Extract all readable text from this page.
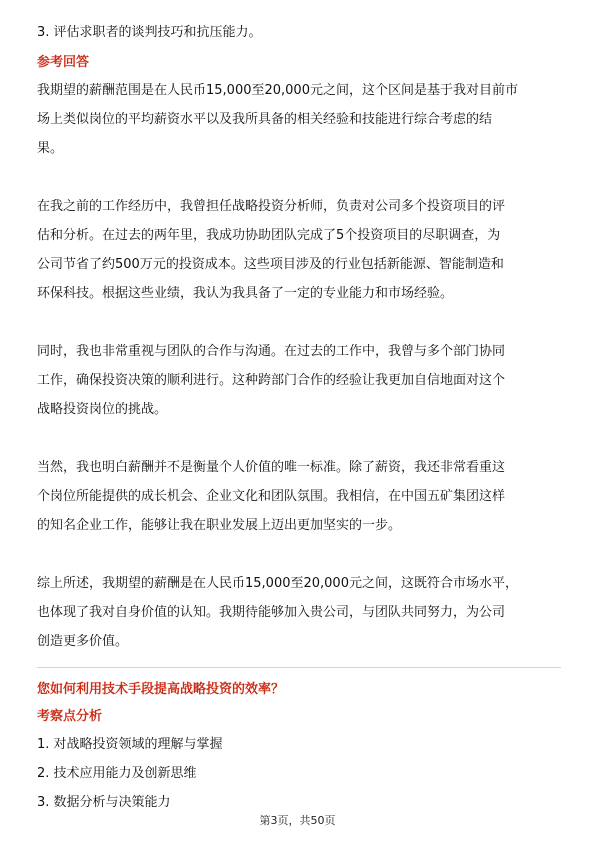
3. 评估求职者的谈判技巧和抗压能力。

参考回答

我期望的薪酬范围是在人民币15,000至20,000元之间，这个区间是基于我对目前市

场上类似岗位的平均薪资水平以及我所具备的相关经验和技能进行综合考虑的结

果。

在我之前的工作经历中，我曾担任战略投资分析师，负责对公司多个投资项目的评

估和分析。在过去的两年里，我成功协助团队完成了5个投资项目的尽职调查，为

公司节省了约500万元的投资成本。这些项目涉及的行业包括新能源、智能制造和

环保科技。根据这些业绩，我认为我具备了一定的专业能力和市场经验。

同时，我也非常重视与团队的合作与沟通。在过去的工作中，我曾与多个部门协同

工作，确保投资决策的顺利进行。这种跨部门合作的经验让我更加自信地面对这个

战略投资岗位的挑战。

当然，我也明白薪酬并不是衡量个人价值的唯一标准。除了薪资，我还非常看重这

个岗位所能提供的成长机会、企业文化和团队氛围。我相信，在中国五矿集团这样

的知名企业工作，能够让我在职业发展上迈出更加坚实的一步。

综上所述，我期望的薪酬是在人民币15,000至20,000元之间，这既符合市场水平，

也体现了我对自身价值的认知。我期待能够加入贵公司，与团队共同努力，为公司

创造更多价值。

您如何利用技术手段提高战略投资的效率？

考察点分析

1. 对战略投资领域的理解与掌握

2. 技术应用能力及创新思维

3. 数据分析与决策能力

第3页，共50页
